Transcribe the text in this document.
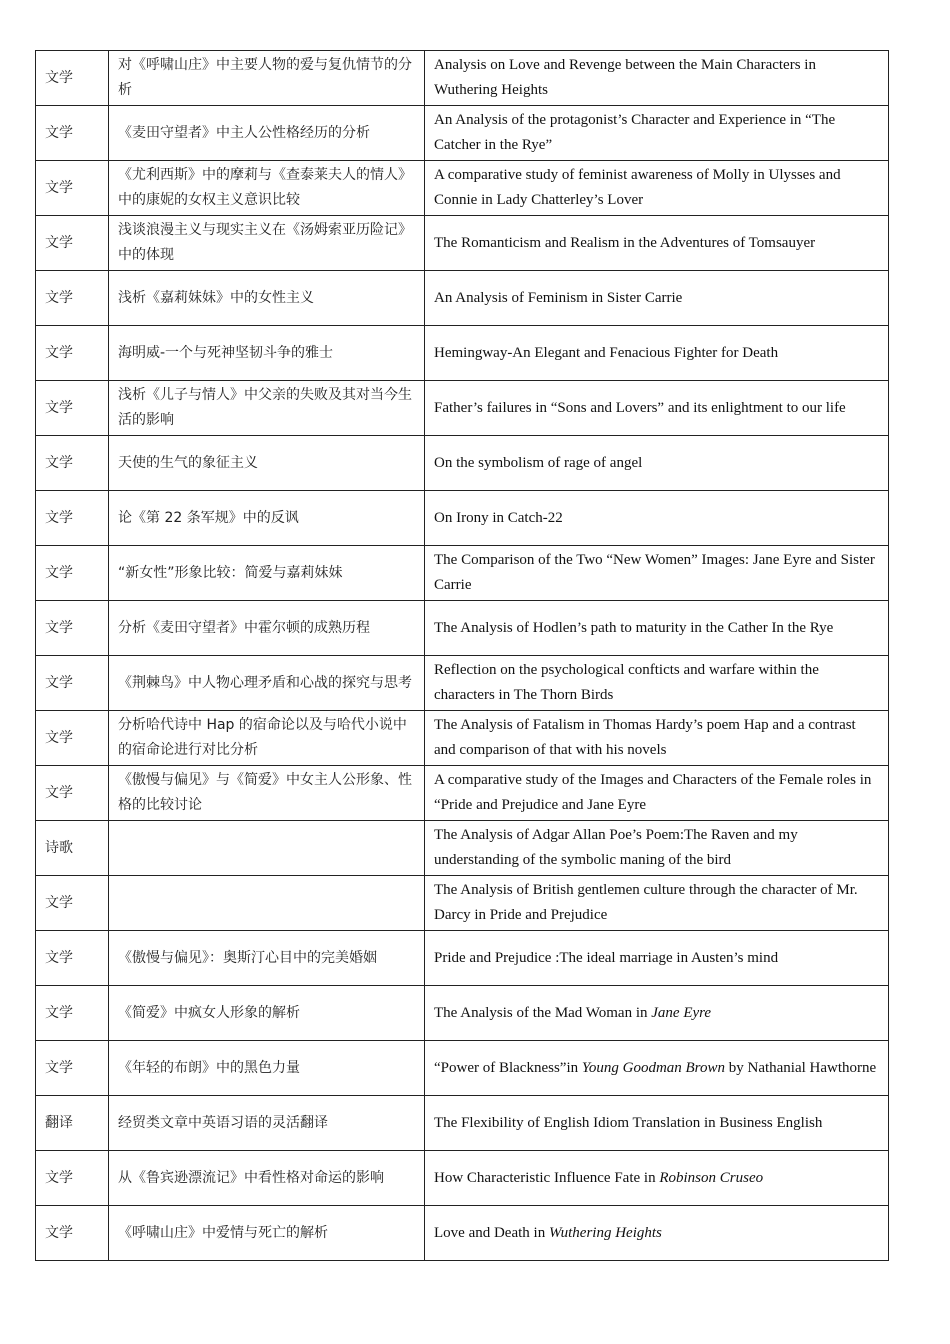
文学	对《呼啸山庄》中主要人物的爱与复仇情节的分析	Analysis on Love and Revenge between the Main Characters in Wuthering Heights
文学	《麦田守望者》中主人公性格经历的分析	An Analysis of the protagonist’s Character and Experience in “The Catcher in the Rye”
文学	《尤利西斯》中的摩莉与《查泰莱夫人的情人》中的康妮的女权主义意识比较	A comparative study of feminist awareness of Molly in Ulysses and Connie in Lady Chatterley’s Lover
文学	浅谈浪漫主义与现实主义在《汤姆索亚历险记》中的体现	The Romanticism and Realism in the Adventures of Tomsauyer
文学	浅析《嘉莉妹妹》中的女性主义	An Analysis of Feminism in Sister Carrie
文学	海明威-一个与死神坚韧斗争的雅士	Hemingway-An Elegant and Fenacious Fighter for Death
文学	浅析《儿子与情人》中父亲的失败及其对当今生活的影响	Father’s failures in “Sons and Lovers” and its enlightment to our life
文学	天使的生气的象征主义	On the symbolism of rage of angel
文学	论《第 22 条军规》中的反讽	On Irony in Catch-22
文学	“新女性”形象比较：简爱与嘉莉妹妹	The Comparison of the Two “New Women” Images: Jane Eyre and Sister Carrie
文学	分析《麦田守望者》中霍尔顿的成熟历程	The Analysis of Hodlen’s path to maturity in the Cather In the Rye
文学	《荆棘鸟》中人物心理矛盾和心战的探究与思考	Reflection on the psychological confticts and warfare within the characters in The Thorn Birds
文学	分析哈代诗中 Hap 的宿命论以及与哈代小说中的宿命论进行对比分析	The Analysis of Fatalism in Thomas Hardy’s poem Hap and a contrast and comparison of that with his novels
文学	《傲慢与偏见》与《简爱》中女主人公形象、性格的比较讨论	A comparative study of the Images and Characters of the Female roles in “Pride and Prejudice and Jane Eyre
诗歌		The Analysis of Adgar Allan Poe’s Poem:The Raven and my understanding of the symbolic maning of the bird
文学		The Analysis of British gentlemen culture through the character of Mr. Darcy in Pride and Prejudice
文学	《傲慢与偏见》：奥斯汀心目中的完美婚姻	Pride and Prejudice :The ideal marriage in Austen’s mind
文学	《简爱》中疯女人形象的解析	The Analysis of the Mad Woman in Jane Eyre
文学	《年轻的布朗》中的黑色力量	“Power of Blackness”in Young Goodman Brown by Nathanial Hawthorne
翻译	经贸类文章中英语习语的灵活翻译	The Flexibility of English Idiom Translation in Business English
文学	从《鲁宾逊漂流记》中看性格对命运的影响	How Characteristic Influence Fate in Robinson Cruseo
文学	《呼啸山庄》中爱情与死亡的解析	Love and Death in Wuthering Heights
